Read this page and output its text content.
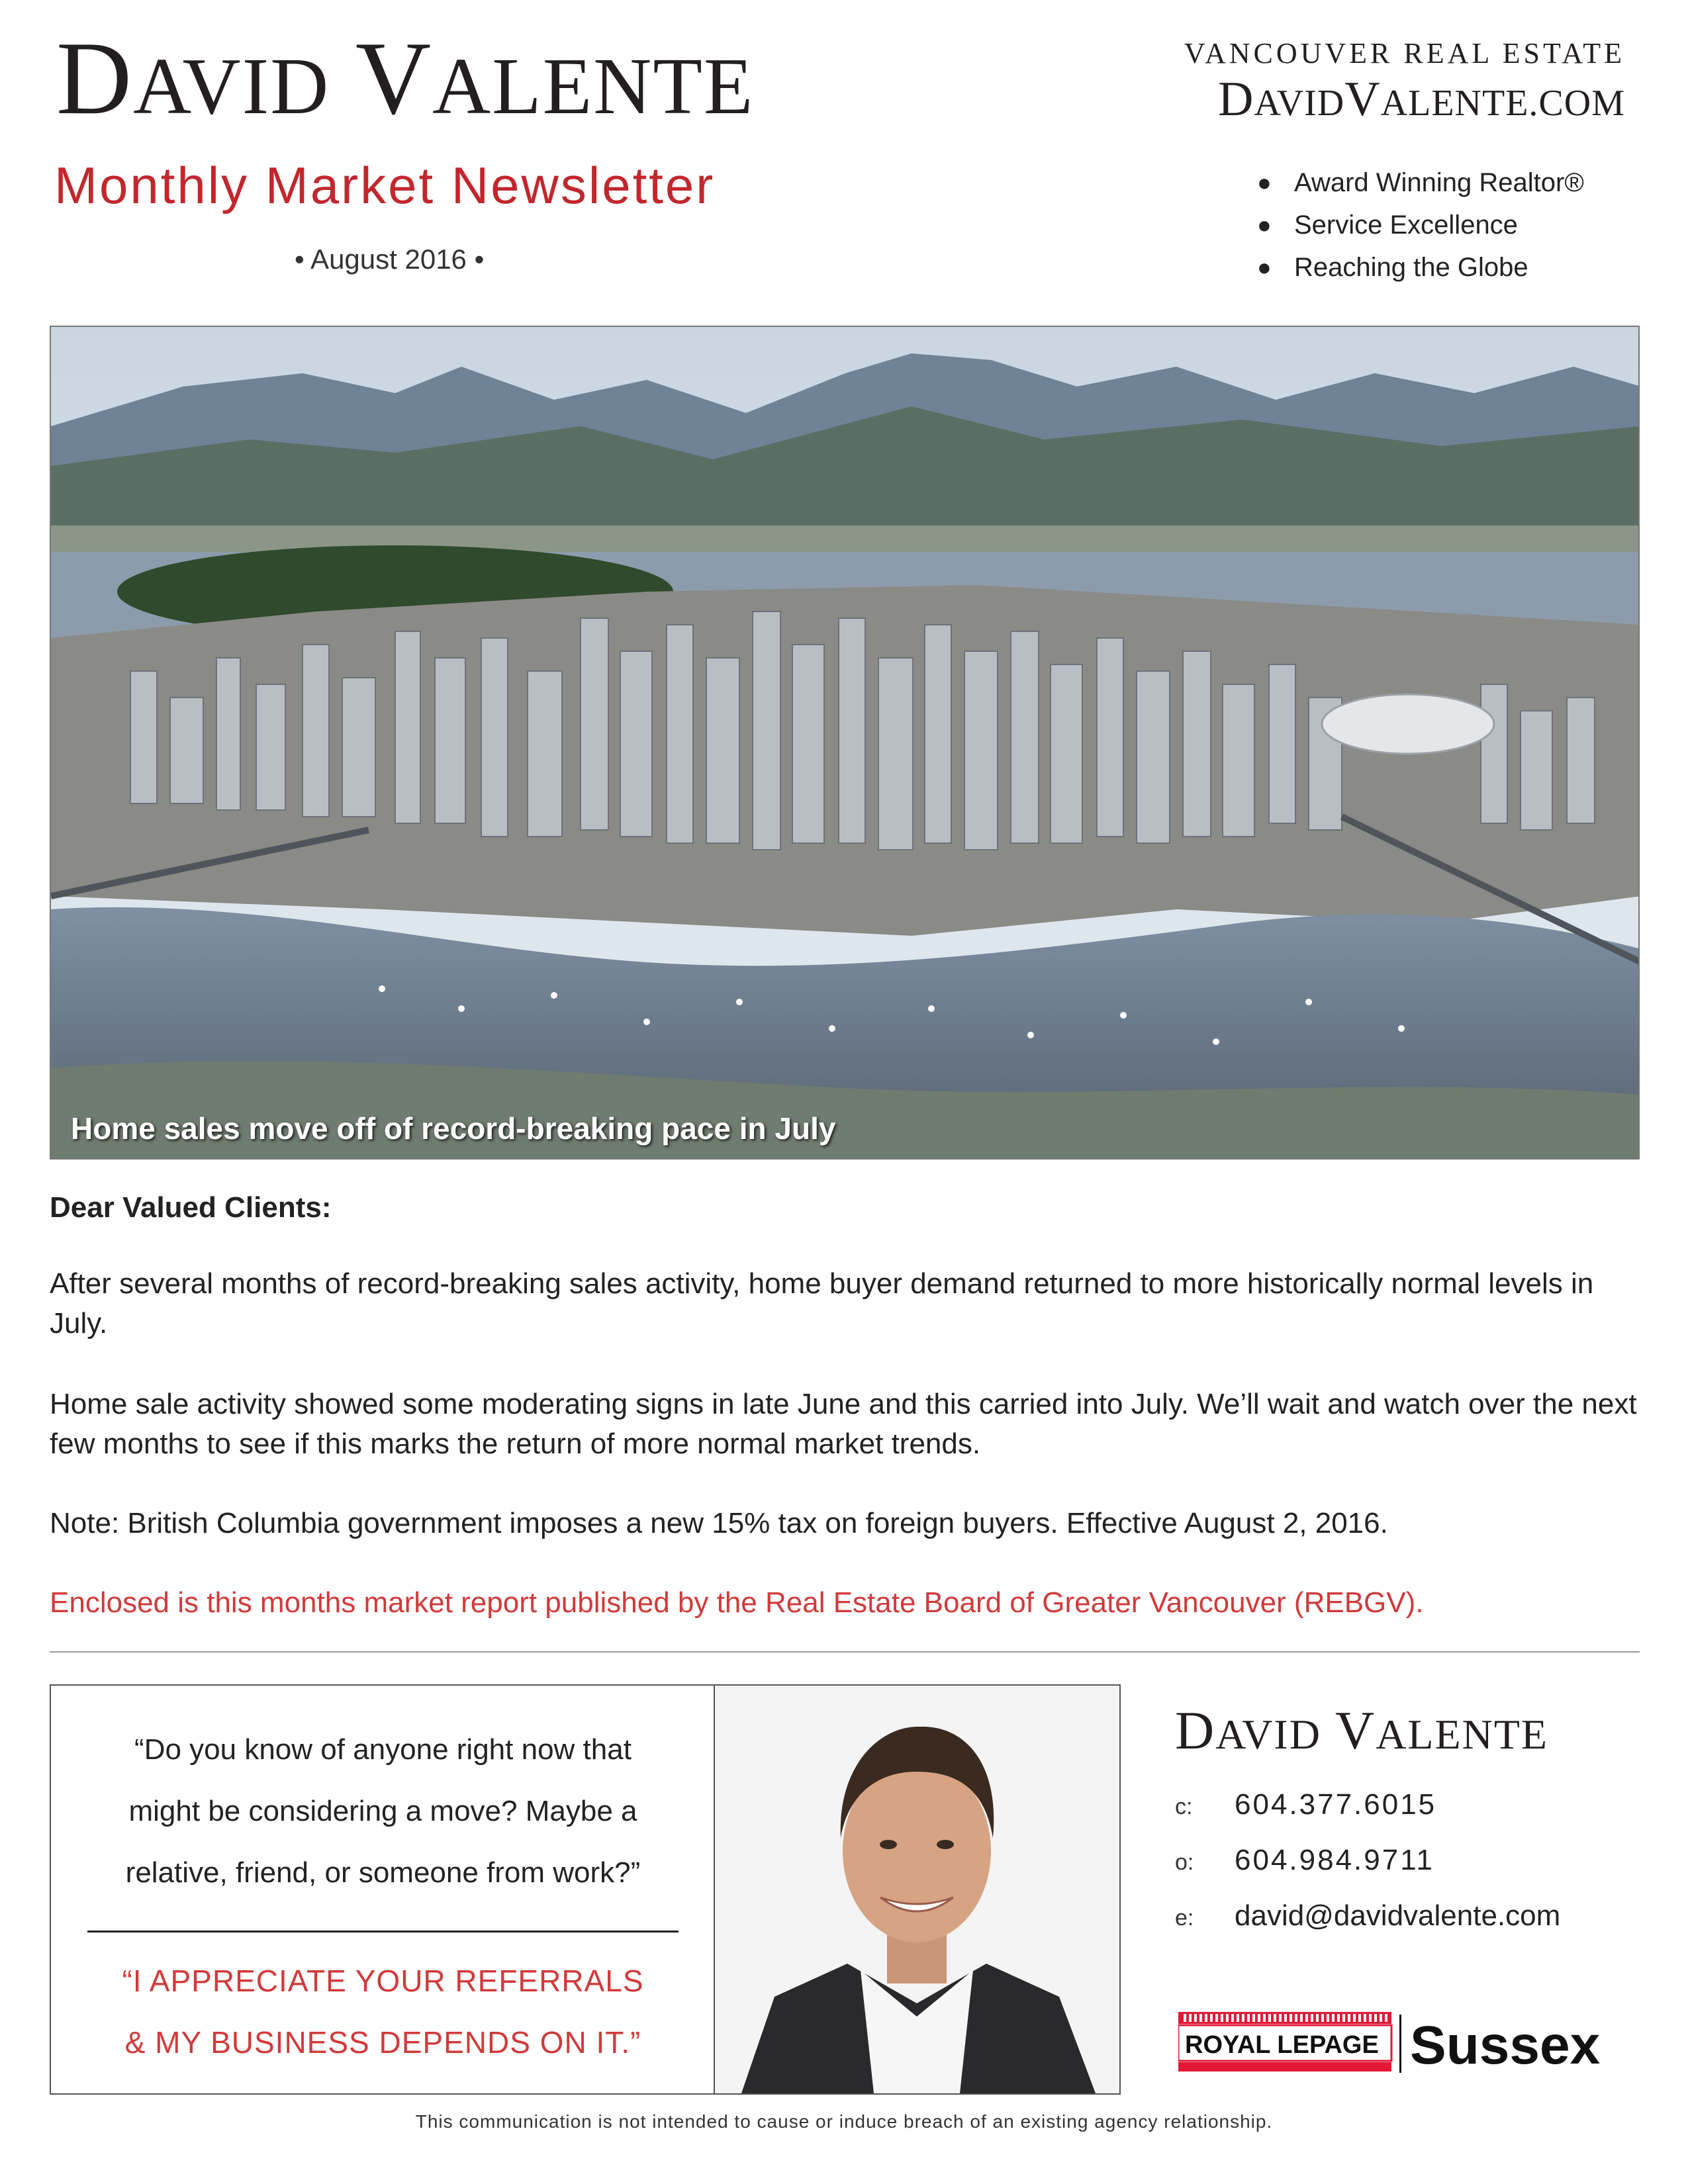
DAVID VALENTE	VANCOUVER REAL ESTATE
DAVIDVALENTE.COM
Monthly Market Newsletter
• August 2016 •
● Award Winning Realtor®
● Service Excellence
● Reaching the Globe
Home sales move off of record-breaking pace in July
Dear Valued Clients:
After several months of record-breaking sales activity, home buyer demand returned to more historically normal levels in July.
Home sale activity showed some moderating signs in late June and this carried into July. We’ll wait and watch over the next few months to see if this marks the return of more normal market trends.
Note: British Columbia government imposes a new 15% tax on foreign buyers. Effective August 2, 2016.
Enclosed is this months market report published by the Real Estate Board of Greater Vancouver (REBGV).
“Do you know of anyone right now that
might be considering a move? Maybe a
relative, friend, or someone from work?”
“I APPRECIATE YOUR REFERRALS
& MY BUSINESS DEPENDS ON IT.”
DAVID VALENTE
c: 604.377.6015
o: 604.984.9711
e: david@davidvalente.com
ROYAL LEPAGE Sussex
This communication is not intended to cause or induce breach of an existing agency relationship.
